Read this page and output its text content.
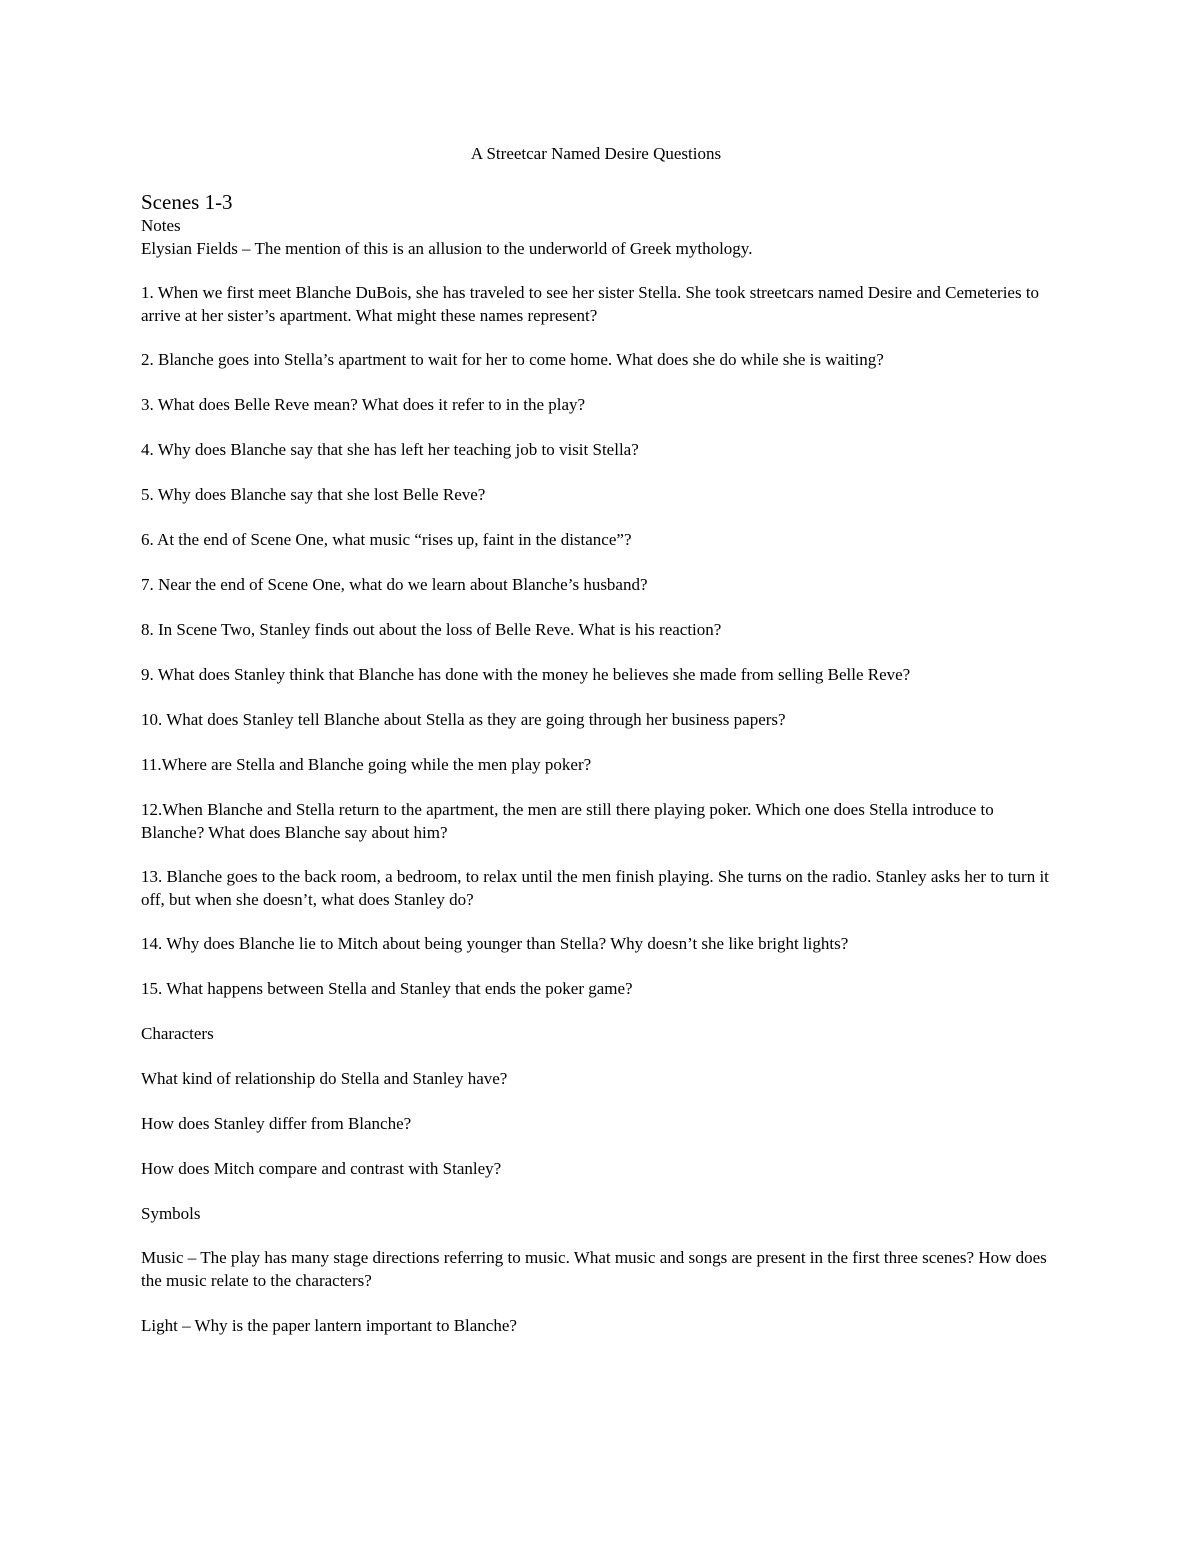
A Streetcar Named Desire Questions
Scenes 1-3

Notes

Elysian Fields – The mention of this is an allusion to the underworld of Greek mythology.

1. When we first meet Blanche DuBois, she has traveled to see her sister Stella. She took streetcars named Desire and Cemeteries to arrive at her sister’s apartment. What might these names represent?

2. Blanche goes into Stella’s apartment to wait for her to come home. What does she do while she is waiting?

3. What does Belle Reve mean? What does it refer to in the play?

4. Why does Blanche say that she has left her teaching job to visit Stella?

5. Why does Blanche say that she lost Belle Reve?

6. At the end of Scene One, what music “rises up, faint in the distance”?

7. Near the end of Scene One, what do we learn about Blanche’s husband?

8. In Scene Two, Stanley finds out about the loss of Belle Reve. What is his reaction?

9. What does Stanley think that Blanche has done with the money he believes she made from selling Belle Reve?

10. What does Stanley tell Blanche about Stella as they are going through her business papers?

11.Where are Stella and Blanche going while the men play poker?

12.When Blanche and Stella return to the apartment, the men are still there playing poker. Which one does Stella introduce to Blanche? What does Blanche say about him?

13. Blanche goes to the back room, a bedroom, to relax until the men finish playing. She turns on the radio. Stanley asks her to turn it off, but when she doesn’t, what does Stanley do?

14. Why does Blanche lie to Mitch about being younger than Stella? Why doesn’t she like bright lights?

15. What happens between Stella and Stanley that ends the poker game?

Characters

What kind of relationship do Stella and Stanley have?

How does Stanley differ from Blanche?

How does Mitch compare and contrast with Stanley?

Symbols

Music – The play has many stage directions referring to music. What music and songs are present in the first three scenes? How does the music relate to the characters?

Light – Why is the paper lantern important to Blanche?
